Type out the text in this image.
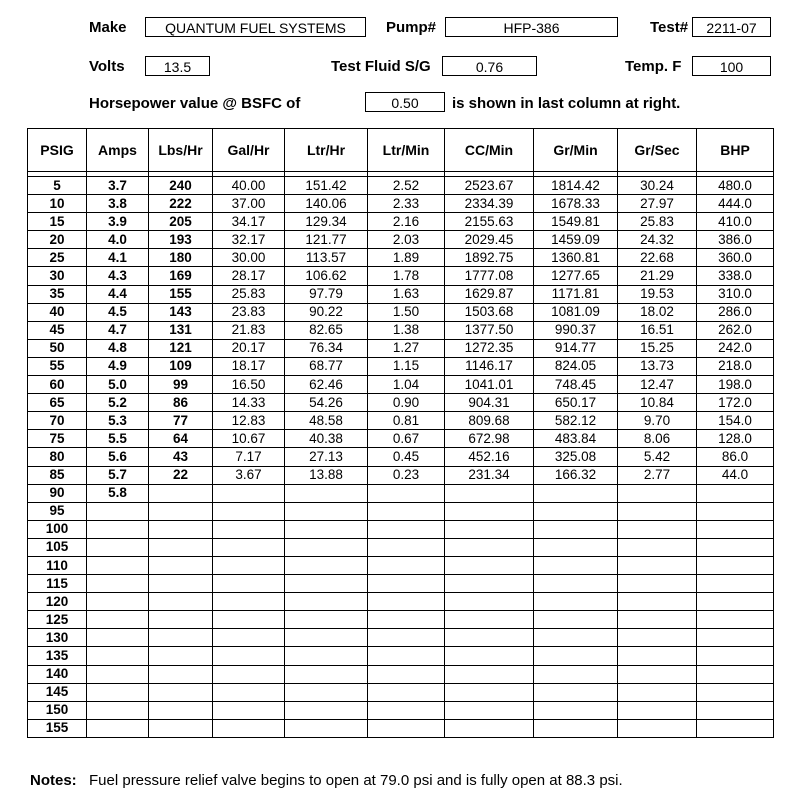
Make	QUANTUM FUEL SYSTEMS	Pump#	HFP-386	Test#	2211-07
Volts	13.5	Test Fluid S/G	0.76	Temp. F	100
Horsepower value @ BSFC of	0.50	is shown in last column at right.
PSIG	Amps	Lbs/Hr	Gal/Hr	Ltr/Hr	Ltr/Min	CC/Min	Gr/Min	Gr/Sec	BHP

5	3.7	240	40.00	151.42	2.52	2523.67	1814.42	30.24	480.0
10	3.8	222	37.00	140.06	2.33	2334.39	1678.33	27.97	444.0
15	3.9	205	34.17	129.34	2.16	2155.63	1549.81	25.83	410.0
20	4.0	193	32.17	121.77	2.03	2029.45	1459.09	24.32	386.0
25	4.1	180	30.00	113.57	1.89	1892.75	1360.81	22.68	360.0
30	4.3	169	28.17	106.62	1.78	1777.08	1277.65	21.29	338.0
35	4.4	155	25.83	97.79	1.63	1629.87	1171.81	19.53	310.0
40	4.5	143	23.83	90.22	1.50	1503.68	1081.09	18.02	286.0
45	4.7	131	21.83	82.65	1.38	1377.50	990.37	16.51	262.0
50	4.8	121	20.17	76.34	1.27	1272.35	914.77	15.25	242.0
55	4.9	109	18.17	68.77	1.15	1146.17	824.05	13.73	218.0
60	5.0	99	16.50	62.46	1.04	1041.01	748.45	12.47	198.0
65	5.2	86	14.33	54.26	0.90	904.31	650.17	10.84	172.0
70	5.3	77	12.83	48.58	0.81	809.68	582.12	9.70	154.0
75	5.5	64	10.67	40.38	0.67	672.98	483.84	8.06	128.0
80	5.6	43	7.17	27.13	0.45	452.16	325.08	5.42	86.0
85	5.7	22	3.67	13.88	0.23	231.34	166.32	2.77	44.0
90	5.8								
95									
100									
105									
110									
115									
120									
125									
130									
135									
140									
145									
150									
155									
Notes: Fuel pressure relief valve begins to open at 79.0 psi and is fully open at 88.3 psi.
